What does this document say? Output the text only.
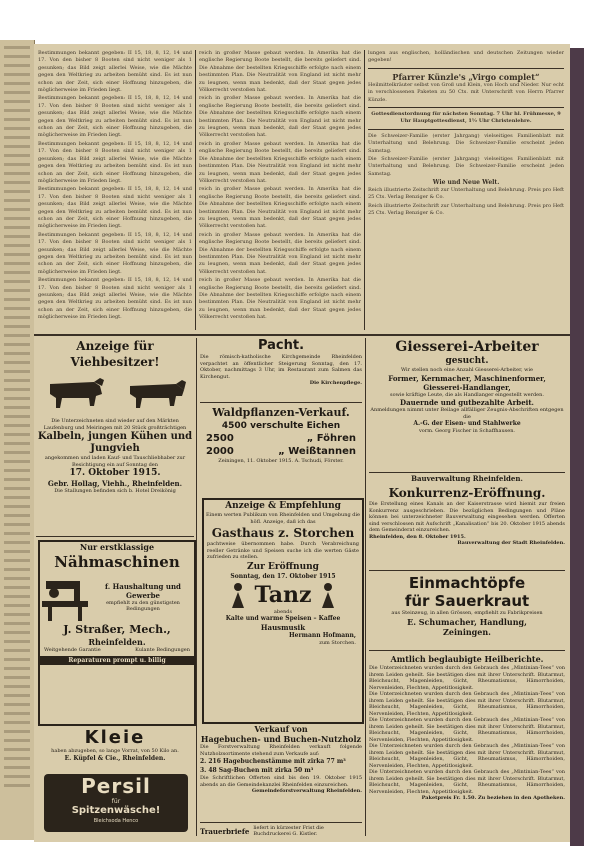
Bestimmungen bekannt gegeben: II 15, 18, 8, 12, 14 und 17. Von den bisher 8 Booten sind nicht weniger als 1 gesunken; das Bild zeigt allerlei Weise, wie die Mächte gegen den Weltkrieg zu arbeiten bemüht sind. Es ist nun schon an der Zeit, sich einer Hoffnung hinzugeben, die möglicherweise im Frieden liegt.

Bestimmungen bekannt gegeben: II 15, 18, 8, 12, 14 und 17. Von den bisher 8 Booten sind nicht weniger als 1 gesunken; das Bild zeigt allerlei Weise, wie die Mächte gegen den Weltkrieg zu arbeiten bemüht sind. Es ist nun schon an der Zeit, sich einer Hoffnung hinzugeben, die möglicherweise im Frieden liegt.

Bestimmungen bekannt gegeben: II 15, 18, 8, 12, 14 und 17. Von den bisher 8 Booten sind nicht weniger als 1 gesunken; das Bild zeigt allerlei Weise, wie die Mächte gegen den Weltkrieg zu arbeiten bemüht sind. Es ist nun schon an der Zeit, sich einer Hoffnung hinzugeben, die möglicherweise im Frieden liegt.

Bestimmungen bekannt gegeben: II 15, 18, 8, 12, 14 und 17. Von den bisher 8 Booten sind nicht weniger als 1 gesunken; das Bild zeigt allerlei Weise, wie die Mächte gegen den Weltkrieg zu arbeiten bemüht sind. Es ist nun schon an der Zeit, sich einer Hoffnung hinzugeben, die möglicherweise im Frieden liegt.

Bestimmungen bekannt gegeben: II 15, 18, 8, 12, 14 und 17. Von den bisher 8 Booten sind nicht weniger als 1 gesunken; das Bild zeigt allerlei Weise, wie die Mächte gegen den Weltkrieg zu arbeiten bemüht sind. Es ist nun schon an der Zeit, sich einer Hoffnung hinzugeben, die möglicherweise im Frieden liegt.

Bestimmungen bekannt gegeben: II 15, 18, 8, 12, 14 und 17. Von den bisher 8 Booten sind nicht weniger als 1 gesunken; das Bild zeigt allerlei Weise, wie die Mächte gegen den Weltkrieg zu arbeiten bemüht sind. Es ist nun schon an der Zeit, sich einer Hoffnung hinzugeben, die möglicherweise im Frieden liegt.

reich in großer Masse gebaut werden. In Amerika hat die englische Regierung Boote bestellt, die bereits geliefert sind. Die Abnahme der bestellten Kriegsschiffe erfolgte nach einem bestimmten Plan. Die Neutralität von England ist nicht mehr zu leugnen, wenn man bedenkt, daß der Staat gegen jedes Völkerrecht verstoßen hat.

reich in großer Masse gebaut werden. In Amerika hat die englische Regierung Boote bestellt, die bereits geliefert sind. Die Abnahme der bestellten Kriegsschiffe erfolgte nach einem bestimmten Plan. Die Neutralität von England ist nicht mehr zu leugnen, wenn man bedenkt, daß der Staat gegen jedes Völkerrecht verstoßen hat.

reich in großer Masse gebaut werden. In Amerika hat die englische Regierung Boote bestellt, die bereits geliefert sind. Die Abnahme der bestellten Kriegsschiffe erfolgte nach einem bestimmten Plan. Die Neutralität von England ist nicht mehr zu leugnen, wenn man bedenkt, daß der Staat gegen jedes Völkerrecht verstoßen hat.

reich in großer Masse gebaut werden. In Amerika hat die englische Regierung Boote bestellt, die bereits geliefert sind. Die Abnahme der bestellten Kriegsschiffe erfolgte nach einem bestimmten Plan. Die Neutralität von England ist nicht mehr zu leugnen, wenn man bedenkt, daß der Staat gegen jedes Völkerrecht verstoßen hat.

reich in großer Masse gebaut werden. In Amerika hat die englische Regierung Boote bestellt, die bereits geliefert sind. Die Abnahme der bestellten Kriegsschiffe erfolgte nach einem bestimmten Plan. Die Neutralität von England ist nicht mehr zu leugnen, wenn man bedenkt, daß der Staat gegen jedes Völkerrecht verstoßen hat.

reich in großer Masse gebaut werden. In Amerika hat die englische Regierung Boote bestellt, die bereits geliefert sind. Die Abnahme der bestellten Kriegsschiffe erfolgte nach einem bestimmten Plan. Die Neutralität von England ist nicht mehr zu leugnen, wenn man bedenkt, daß der Staat gegen jedes Völkerrecht verstoßen hat.

lungen aus englischen, holländischen und deutschen Zeitungen wieder gegeben!

Pfarrer Künzle's „Virgo complet“

Heilmittelkräuter selbst von Groß und Klein, von Hoch und Nieder. Nur echt in verschlossenen Paketen zu 50 Cts. mit Unterschrift von Herrn Pfarrer Künzle.

Gottesdienstordnung für nächsten Sonntag. 7 Uhr hl. Frühmesse, 9 Uhr Hauptgottesdienst, 1½ Uhr Christenlehre.

Die Schweizer-Familie (erster Jahrgang) vielseitiges Familienblatt mit Unterhaltung und Belehrung. Die Schweizer-Familie erscheint jeden Samstag.

Die Schweizer-Familie (erster Jahrgang) vielseitiges Familienblatt mit Unterhaltung und Belehrung. Die Schweizer-Familie erscheint jeden Samstag.

Wie und Neue Welt.

Reich illustrierte Zeitschrift zur Unterhaltung und Belehrung. Preis pro Heft 25 Cts. Verlag Benziger & Co.

Reich illustrierte Zeitschrift zur Unterhaltung und Belehrung. Preis pro Heft 25 Cts. Verlag Benziger & Co.

Anzeige für Viehbesitzer!
Die Unterzeichneten sind wieder auf den Märkten Laufenburg und Meiringen mit 20 Stück großträchtigen
Kalbeln, jungen Kühen und Jungvieh
angekommen und laden Kauf- und Tauschliebhaber zur Besichtigung ein auf Sonntag den
17. Oktober 1915.
Gebr. Hollag, Viehh., Rheinfelden.
Die Stallungen befinden sich b. Hotel Dreikönig
Nur erstklassige
Nähmaschinen
f. Haushaltung und Gewerbe
empfiehlt zu den günstigsten Bedingungen
J. Straßer, Mech.,
Rheinfelden.
Weitgehende Garantie	Kulante Bedingungen
Reparaturen prompt u. billig
Kleie
haben abzugeben, so lange Vorrat, von 50 Kilo an.
E. Küpfel & Cie., Rheinfelden.
Persil
für
Spitzenwäsche!
Bleichsoda Henco
Pacht.
Die römisch-katholische Kirchgemeinde Rheinfelden verpachtet an öffentlicher Steigerung Sonntag, den 17. Oktober, nachmittags 3 Uhr, im Restaurant zum Salmen das Kirchengut.
Die Kirchenpflege.
Waldpflanzen-Verkauf.
4500 verschulte Eichen
2500	„ Föhren
2000	„ Weißtannen
Zeiningen, 11. Oktober 1915. A. Tschudi, Förster.
Anzeige & Empfehlung
Einem werten Publikum von Rheinfelden und Umgebung die höfl. Anzeige, daß ich das
Gasthaus z. Storchen
pachtweise übernommen habe. Durch Verabreichung reeller Getränke und Speisen suche ich die werten Gäste zufrieden zu stellen.
Zur Eröffnung
Sonntag, den 17. Oktober 1915
Tanz
abends
Kalte und warme Speisen – Kaffee
Hausmusik
Hermann Hofmann,
zum Storchen.
Verkauf von
Hagebuchen- und Buchen-Nutzholz
Die Forstverwaltung Rheinfelden verkauft folgende Nutzholzsortimente stehend zum Verkaufe auf:
2. 216 Hagebuchenstämme mit zirka 77 m³
3. 48 Sag-Buchen mit zirka 50 m³
Die Schriftlichen Offerten sind bis den 19. Oktober 1915 abends an die Gemeindekanzlei Rheinfelden einzureichen.
Gemeindeforstverwaltung Rheinfelden.
Trauerbriefe liefert in kürzester Frist die Buchdruckerei G. Kistler.
Giesserei-Arbeiter
gesucht.
Wir stellen noch eine Anzahl Giesserei-Arbeiter, wie
Former, Kernmacher, Maschinenformer, Giesserei-Handlanger,
sowie kräftige Leute, die als Handlanger eingestellt werden.
Dauernde und gutbezahlte Arbeit.
Anmeldungen nimmt unter Beilage allfälliger Zeugnis-Abschriften entgegen die
A.-G. der Eisen- und Stahlwerke
vorm. Georg Fischer in Schaffhausen.
Bauverwaltung Rheinfelden.
Konkurrenz-Eröffnung.
Die Erstellung eines Kanals an der Kaiserstrasse wird hiemit zur freien Konkurrenz ausgeschrieben. Die bezüglichen Bedingungen und Pläne können bei unterzeichneter Bauverwaltung eingesehen werden. Offerten sind verschlossen mit Aufschrift „Kanalisation“ bis 20. Oktober 1915 abends dem Gemeinderat einzureichen.
Rheinfelden, den 8. Oktober 1915.
Bauverwaltung der Stadt Rheinfelden.
Einmachtöpfe
für Sauerkraut
aus Steinzeug, in allen Grössen, empfiehlt zu Fabrikpreisen
E. Schumacher, Handlung,
Zeiningen.
Amtlich beglaubigte Heilberichte.
Die Unterzeichneten wurden durch den Gebrauch des „Mintinian-Tees“ von ihrem Leiden geheilt. Sie bestätigen dies mit ihrer Unterschrift. Blutarmut, Bleichsucht, Magenleiden, Gicht, Rheumatismus, Hämorrhoiden, Nervenleiden, Flechten, Appetitlosigkeit.
Die Unterzeichneten wurden durch den Gebrauch des „Mintinian-Tees“ von ihrem Leiden geheilt. Sie bestätigen dies mit ihrer Unterschrift. Blutarmut, Bleichsucht, Magenleiden, Gicht, Rheumatismus, Hämorrhoiden, Nervenleiden, Flechten, Appetitlosigkeit.
Die Unterzeichneten wurden durch den Gebrauch des „Mintinian-Tees“ von ihrem Leiden geheilt. Sie bestätigen dies mit ihrer Unterschrift. Blutarmut, Bleichsucht, Magenleiden, Gicht, Rheumatismus, Hämorrhoiden, Nervenleiden, Flechten, Appetitlosigkeit.
Die Unterzeichneten wurden durch den Gebrauch des „Mintinian-Tees“ von ihrem Leiden geheilt. Sie bestätigen dies mit ihrer Unterschrift. Blutarmut, Bleichsucht, Magenleiden, Gicht, Rheumatismus, Hämorrhoiden, Nervenleiden, Flechten, Appetitlosigkeit.
Die Unterzeichneten wurden durch den Gebrauch des „Mintinian-Tees“ von ihrem Leiden geheilt. Sie bestätigen dies mit ihrer Unterschrift. Blutarmut, Bleichsucht, Magenleiden, Gicht, Rheumatismus, Hämorrhoiden, Nervenleiden, Flechten, Appetitlosigkeit.
Paketpreis Fr. 1.50. Zu beziehen in den Apotheken.
